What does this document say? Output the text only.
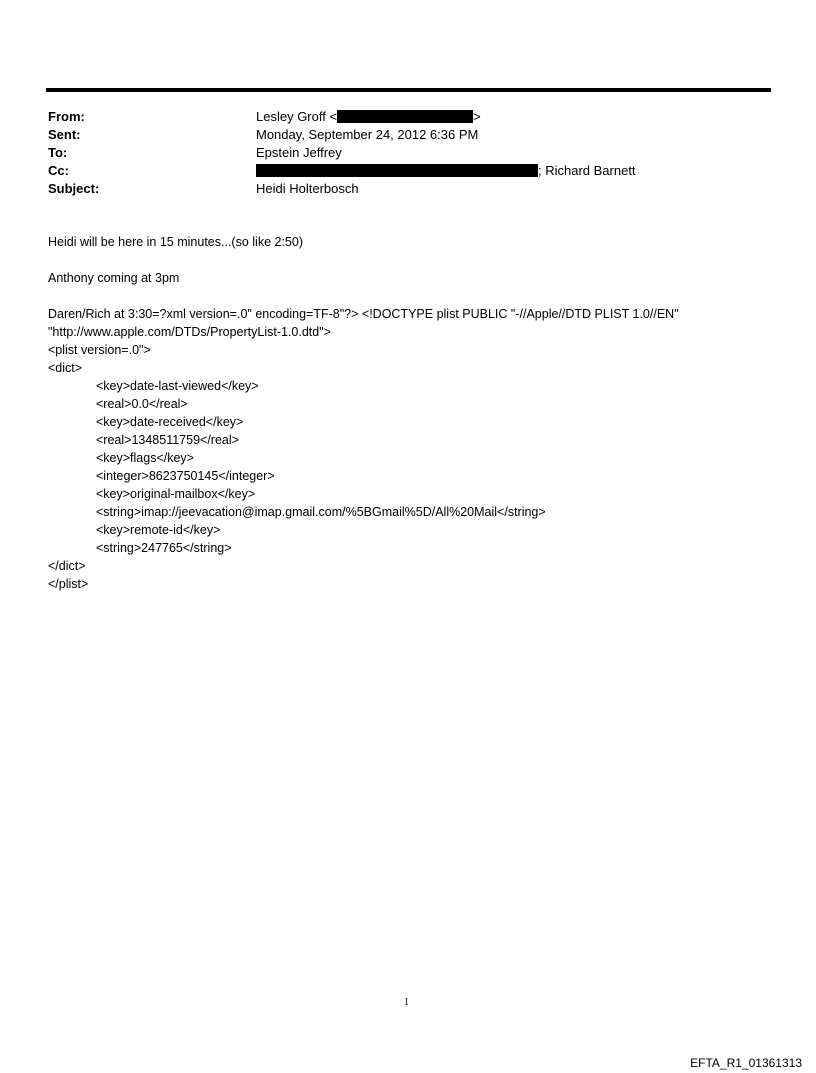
From:	Lesley Groff <	>
Sent:	Monday, September 24, 2012 6:36 PM
To:	Epstein Jeffrey
Cc:	; Richard Barnett
Subject:	Heidi Holterbosch
Heidi will be here in 15 minutes...(so like 2:50)
Anthony coming at 3pm
Daren/Rich at 3:30=?xml version=.0" encoding=TF-8"?> <!DOCTYPE plist PUBLIC "-//Apple//DTD PLIST 1.0//EN"
"http://www.apple.com/DTDs/PropertyList-1.0.dtd">
<plist version=.0">
<dict>
<key>date-last-viewed</key>
<real>0.0</real>
<key>date-received</key>
<real>1348511759</real>
<key>flags</key>
<integer>8623750145</integer>
<key>original-mailbox</key>
<string>imap://jeevacation@imap.gmail.com/%5BGmail%5D/All%20Mail</string>
<key>remote-id</key>
<string>247765</string>
</dict>
</plist>
1
EFTA_R1_01361313
